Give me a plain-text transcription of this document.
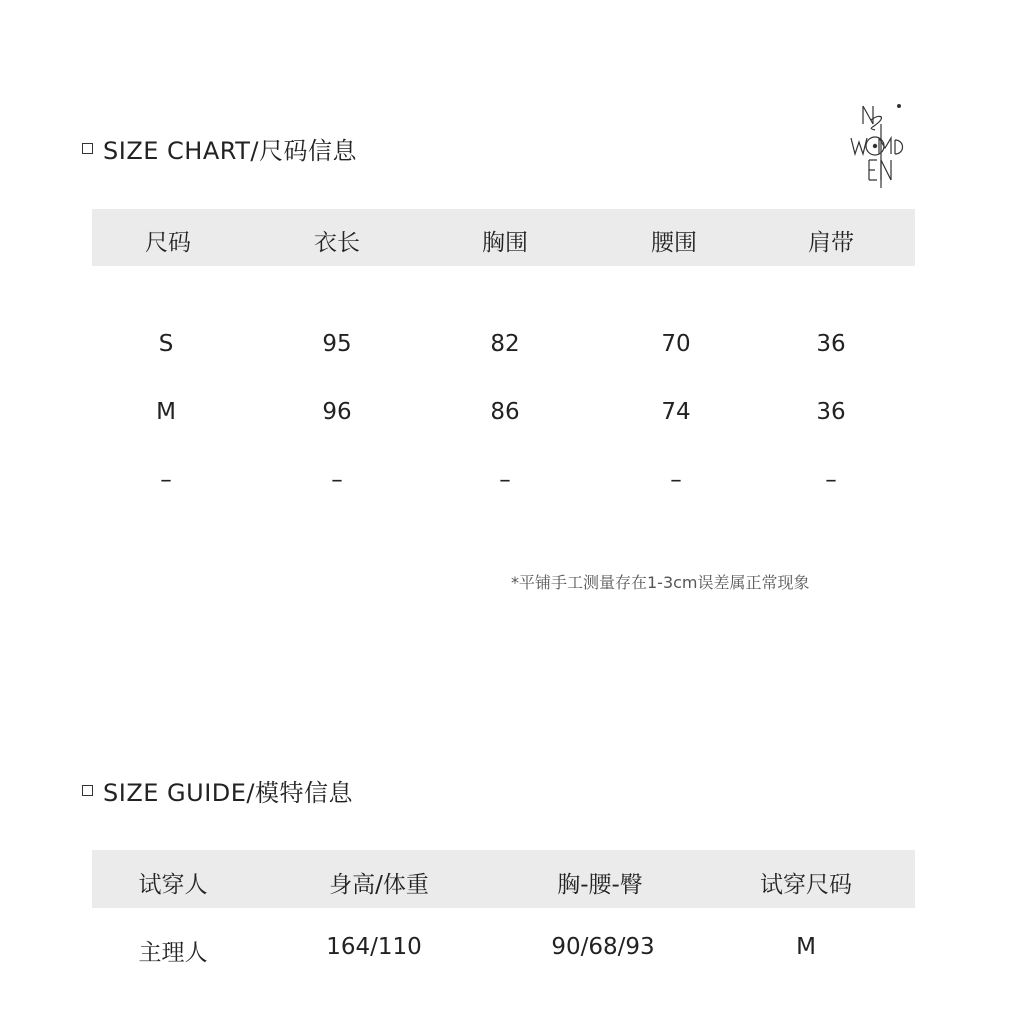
SIZE CHART/尺码信息
尺码	衣长	胸围	腰围	肩带
S	95	82	70	36
M	96	86	74	36
–	–	–	–	–
*平铺手工测量存在1-3cm误差属正常现象
SIZE GUIDE/模特信息
试穿人	身高/体重	胸-腰-臀	试穿尺码
主理人	164/110	90/68/93	M
